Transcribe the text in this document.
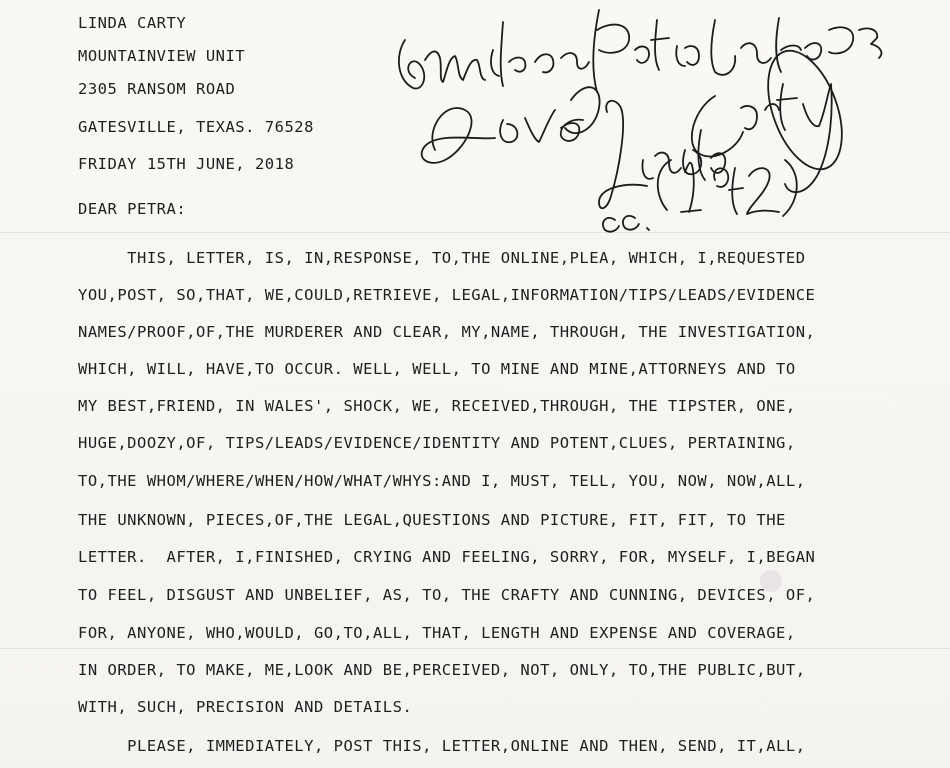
LINDA CARTY
MOUNTAINVIEW UNIT
2305 RANSOM ROAD
GATESVILLE, TEXAS. 76528
FRIDAY 15TH JUNE, 2018
DEAR PETRA:
THIS, LETTER, IS, IN,RESPONSE, TO,THE ONLINE,PLEA, WHICH, I,REQUESTED
YOU,POST, SO,THAT, WE,COULD,RETRIEVE, LEGAL,INFORMATION/TIPS/LEADS/EVIDENCE
NAMES/PROOF,OF,THE MURDERER AND CLEAR, MY,NAME, THROUGH, THE INVESTIGATION,
WHICH, WILL, HAVE,TO OCCUR. WELL, WELL, TO MINE AND MINE,ATTORNEYS AND TO
MY BEST,FRIEND, IN WALES', SHOCK, WE, RECEIVED,THROUGH, THE TIPSTER, ONE,
HUGE,DOOZY,OF, TIPS/LEADS/EVIDENCE/IDENTITY AND POTENT,CLUES, PERTAINING,
TO,THE WHOM/WHERE/WHEN/HOW/WHAT/WHYS:AND I, MUST, TELL, YOU, NOW, NOW,ALL,
THE UNKNOWN, PIECES,OF,THE LEGAL,QUESTIONS AND PICTURE, FIT, FIT, TO THE
LETTER.  AFTER, I,FINISHED, CRYING AND FEELING, SORRY, FOR, MYSELF, I,BEGAN
TO FEEL, DISGUST AND UNBELIEF, AS, TO, THE CRAFTY AND CUNNING, DEVICES, OF,
FOR, ANYONE, WHO,WOULD, GO,TO,ALL, THAT, LENGTH AND EXPENSE AND COVERAGE,
IN ORDER, TO MAKE, ME,LOOK AND BE,PERCEIVED, NOT, ONLY, TO,THE PUBLIC,BUT,
WITH, SUCH, PRECISION AND DETAILS.
PLEASE, IMMEDIATELY, POST THIS, LETTER,ONLINE AND THEN, SEND, IT,ALL,
